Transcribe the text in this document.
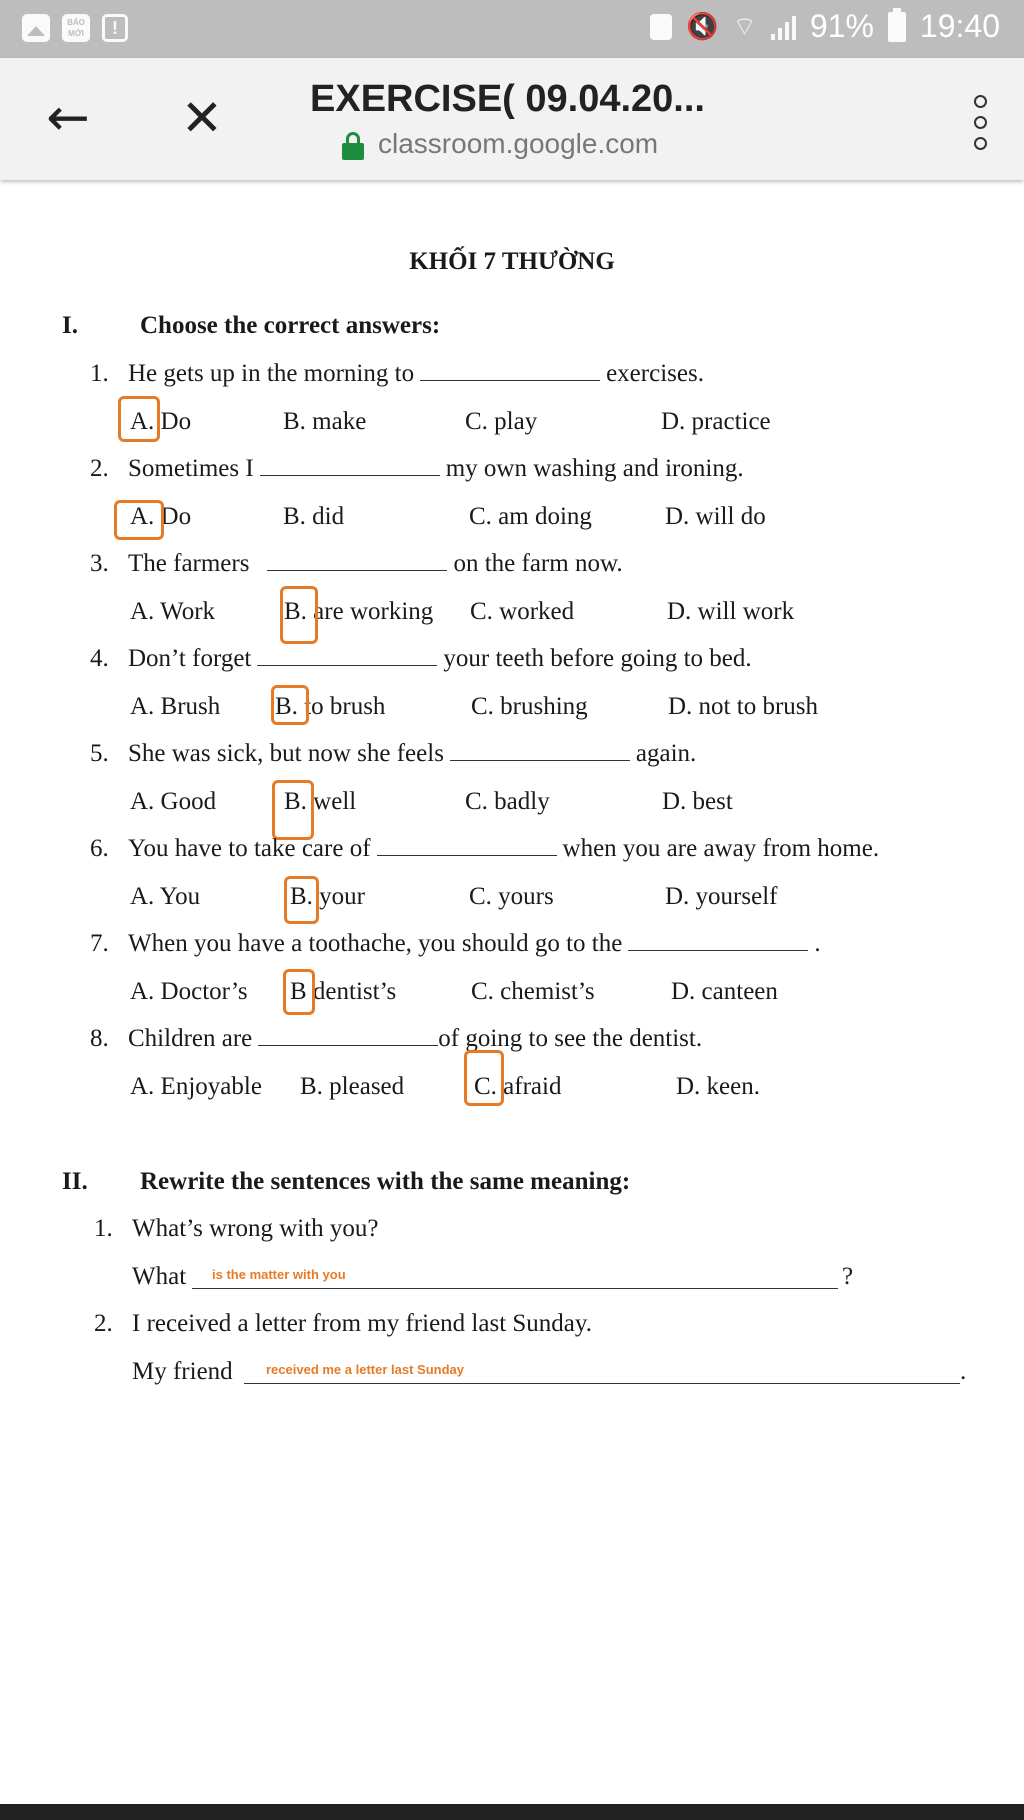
BÁO MỚI	!	🔇 ⌔ 91% 19:40
← ✕ EXERCISE( 09.04.20...
classroom.google.com
KHỐI 7 THƯỜNG
I. Choose the correct answers:
1. He gets up in the morning to	exercises.
A. Do	B. make	C. play	D. practice
2. Sometimes I	my own washing and ironing.
A. Do	B. did	C. am doing	D. will do
3. The farmers	on the farm now.
A. Work	B. are working C. worked	D. will work
4. Don’t forget	your teeth before going to bed.
A. Brush B. to brush	C. brushing	D. not to brush
5. She was sick, but now she feels	again.
A. Good	B. well	C. badly	D. best
6. You have to take care of	when you are away from home.
A. You	B. your	C. yours	D. yourself
7. When you have a toothache, you should go to the	.
A. Doctor’s B dentist’s	C. chemist’s	D. canteen
8. Children are	of going to see the dentist.
A. Enjoyable B. pleased	C. afraid	D. keen.
II. Rewrite the sentences with the same meaning:
1. What’s wrong with you?
What is the matter with you	?
2. I received a letter from my friend last Sunday.
My friend	received me a letter last Sunday	.
